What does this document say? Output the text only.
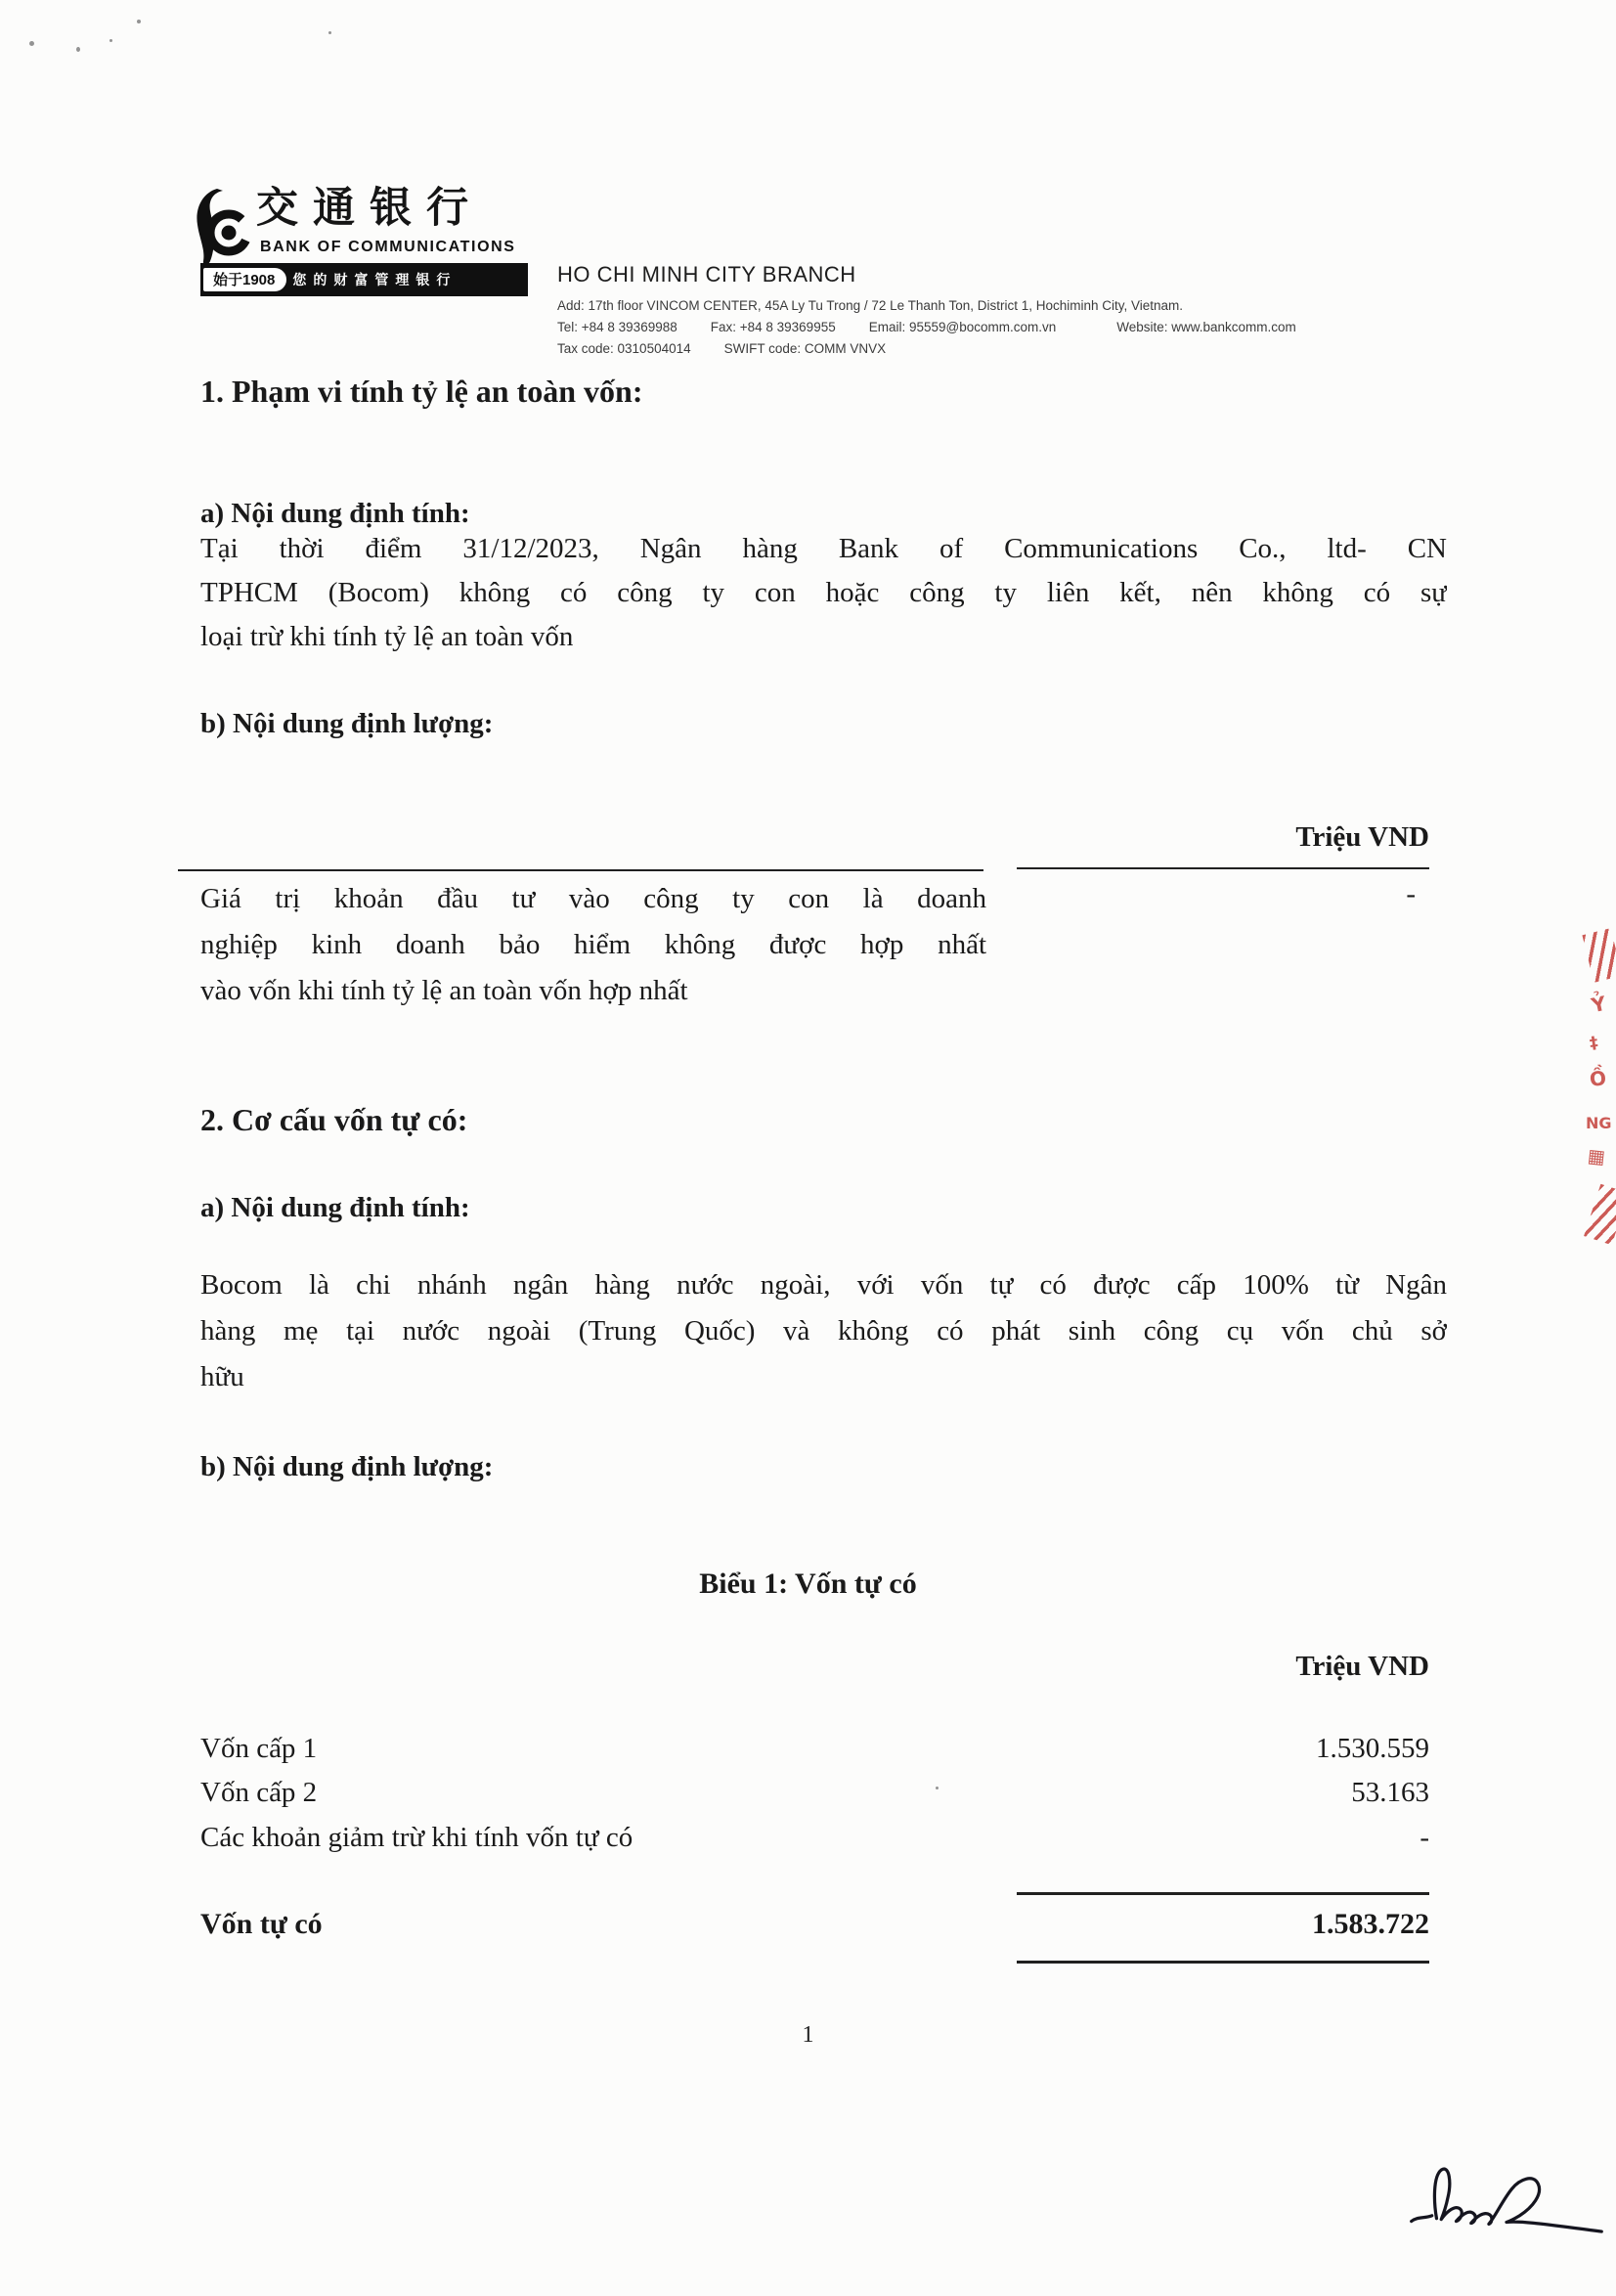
交通银行
BANK OF COMMUNICATIONS
始于1908	您的财富管理银行	HO CHI MINH CITY BRANCH
Add: 17th floor VINCOM CENTER, 45A Ly Tu Trong / 72 Le Thanh Ton, District 1, Hochiminh City, Vietnam.
Tel: +84 8 39369988	Fax: +84 8 39369955	Email: 95559@bocomm.com.vn	Website: www.bankcomm.com
Tax code: 0310504014	SWIFT code: COMM VNVX
1. Phạm vi tính tỷ lệ an toàn vốn:
a) Nội dung định tính:
Tại thời điểm 31/12/2023, Ngân hàng Bank of Communications Co., ltd- CN
TPHCM (Bocom) không có công ty con hoặc công ty liên kết, nên không có sự
loại trừ khi tính tỷ lệ an toàn vốn
b) Nội dung định lượng:
Triệu VND
Giá trị khoản đầu tư vào công ty con là doanh
nghiệp kinh doanh bảo hiểm không được hợp nhất
vào vốn khi tính tỷ lệ an toàn vốn hợp nhất
-
2. Cơ cấu vốn tự có:
a) Nội dung định tính:
Bocom là chi nhánh ngân hàng nước ngoài, với vốn tự có được cấp 100% từ Ngân
hàng mẹ tại nước ngoài (Trung Quốc) và không có phát sinh công cụ vốn chủ sở
hữu
b) Nội dung định lượng:
Biểu 1: Vốn tự có
Triệu VND
Vốn cấp 1	1.530.559
Vốn cấp 2	53.163
Các khoản giảm trừ khi tính vốn tự có	-
Vốn tự có	1.583.722
1
Ỷ
‡
Ồ
NG
▦
